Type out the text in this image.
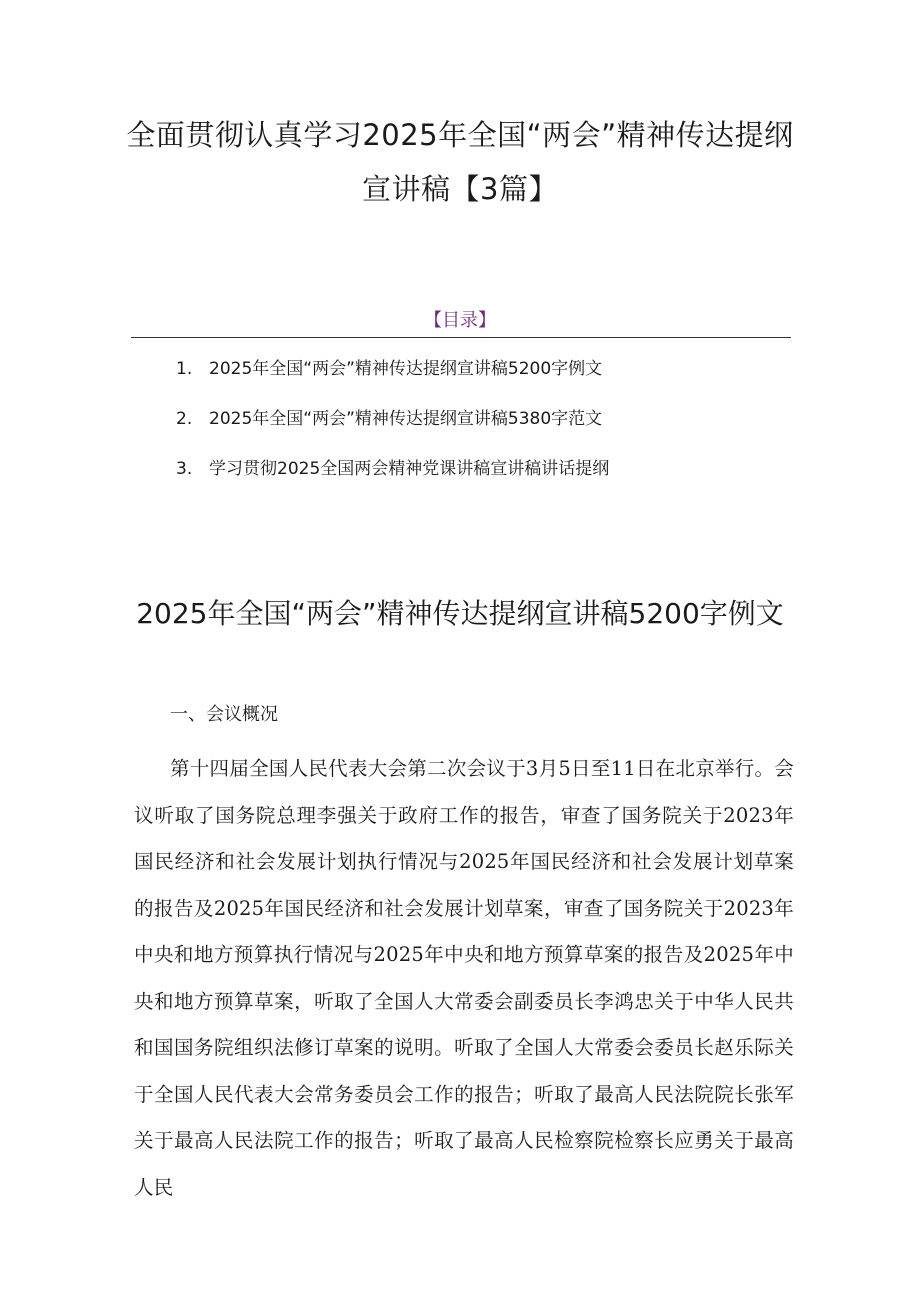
全面贯彻认真学习2025年全国“两会”精神传达提纲宣讲稿【3篇】
【目录】
1. 2025年全国“两会”精神传达提纲宣讲稿5200字例文
2. 2025年全国“两会”精神传达提纲宣讲稿5380字范文
3. 学习贯彻2025全国两会精神党课讲稿宣讲稿讲话提纲
2025年全国“两会”精神传达提纲宣讲稿5200字例文
一、会议概况

第十四届全国人民代表大会第二次会议于3月5日至11日在北京举行。会议听取了国务院总理李强关于政府工作的报告，审查了国务院关于2023年国民经济和社会发展计划执行情况与2025年国民经济和社会发展计划草案的报告及2025年国民经济和社会发展计划草案，审查了国务院关于2023年中央和地方预算执行情况与2025年中央和地方预算草案的报告及2025年中央和地方预算草案，听取了全国人大常委会副委员长李鸿忠关于中华人民共和国国务院组织法修订草案的说明。听取了全国人大常委会委员长赵乐际关于全国人民代表大会常务委员会工作的报告；听取了最高人民法院院长张军关于最高人民法院工作的报告；听取了最高人民检察院检察长应勇关于最高人民
